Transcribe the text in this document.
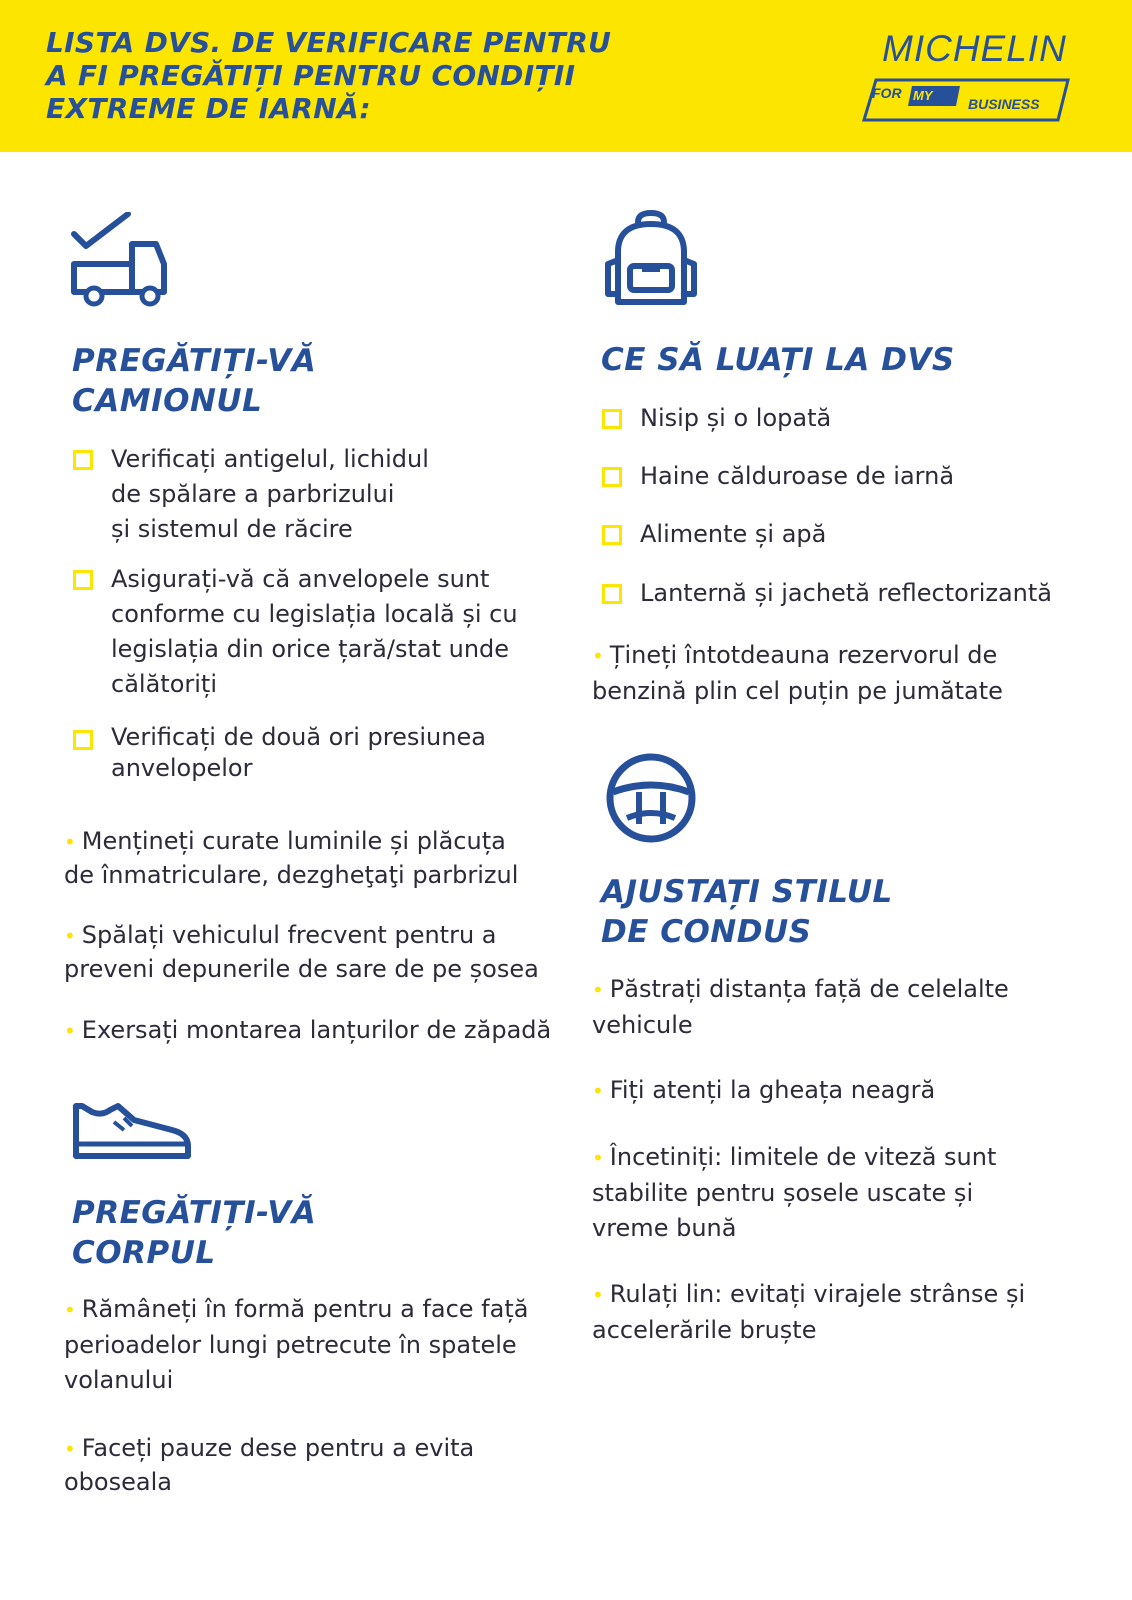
LISTA DVS. DE VERIFICARE PENTRU
A FI PREGĂTIȚI PENTRU CONDIȚII
EXTREME DE IARNĂ:
MICHELIN
FOR MY
BUSINESS
PREGĂTIȚI-VĂ
CAMIONUL
Verificați antigelul, lichidul
de spălare a parbrizului
și sistemul de răcire
Asigurați-vă că anvelopele sunt
conforme cu legislația locală și cu
legislația din orice țară/stat unde
călătoriți
Verificați de două ori presiunea
anvelopelor
• Mențineți curate luminile și plăcuța
de înmatriculare, dezgheţaţi parbrizul
• Spălați vehiculul frecvent pentru a
preveni depunerile de sare de pe șosea
• Exersați montarea lanțurilor de zăpadă
PREGĂTIȚI-VĂ
CORPUL
• Rămâneți în formă pentru a face față
perioadelor lungi petrecute în spatele
volanului
• Faceți pauze dese pentru a evita oboseala
CE SĂ LUAȚI LA DVS
Nisip și o lopată
Haine călduroase de iarnă
Alimente și apă
Lanternă și jachetă reflectorizantă
• Țineți întotdeauna rezervorul de
benzină plin cel puțin pe jumătate
AJUSTAȚI STILUL
DE CONDUS
• Păstrați distanța față de celelalte
vehicule
• Fiți atenți la gheața neagră
• Încetiniți: limitele de viteză sunt
stabilite pentru șosele uscate și
vreme bună
• Rulați lin: evitați virajele strânse și
accelerările bruște
